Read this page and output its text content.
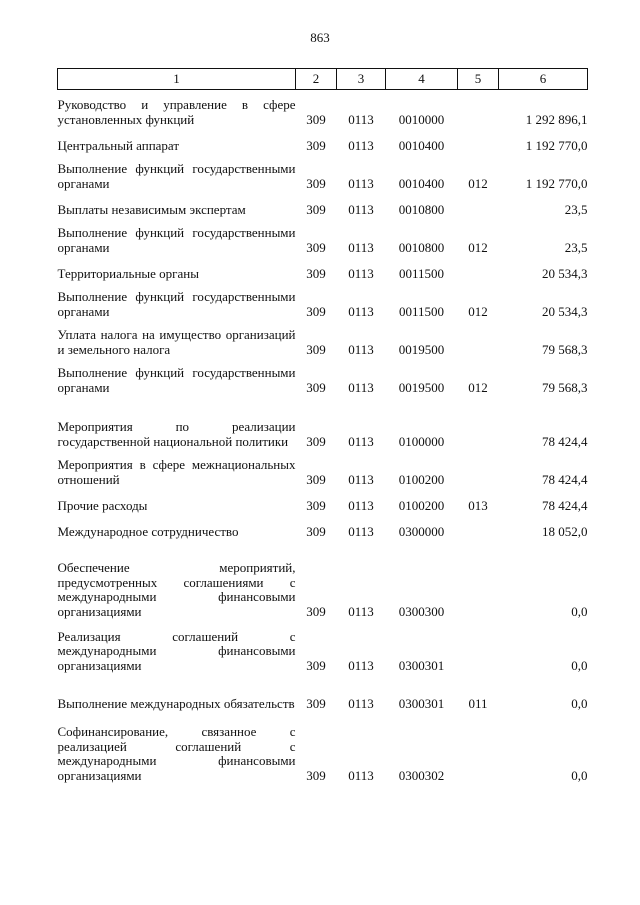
863
1	2	3	4	5	6
Руководство и управление в сфере установленных функций	309	0113	0010000		1 292 896,1
Центральный аппарат	309	0113	0010400		1 192 770,0
Выполнение функций государственными органами	309	0113	0010400	012	1 192 770,0
Выплаты независимым экспертам	309	0113	0010800		23,5
Выполнение функций государственными органами	309	0113	0010800	012	23,5
Территориальные органы	309	0113	0011500		20 534,3
Выполнение функций государственными органами	309	0113	0011500	012	20 534,3
Уплата налога на имущество организаций и земельного налога	309	0113	0019500		79 568,3
Выполнение функций государственными органами	309	0113	0019500	012	79 568,3
Мероприятия по реализации государственной национальной политики	309	0113	0100000		78 424,4
Мероприятия в сфере межнациональных отношений	309	0113	0100200		78 424,4
Прочие расходы	309	0113	0100200	013	78 424,4
Международное сотрудничество	309	0113	0300000		18 052,0
Обеспечение мероприятий, предусмотренных соглашениями с международными финансовыми организациями	309	0113	0300300		0,0
Реализация соглашений с международными финансовыми организациями	309	0113	0300301		0,0
Выполнение международных обязательств	309	0113	0300301	011	0,0
Софинансирование, связанное с реализацией соглашений с международными финансовыми организациями	309	0113	0300302		0,0
